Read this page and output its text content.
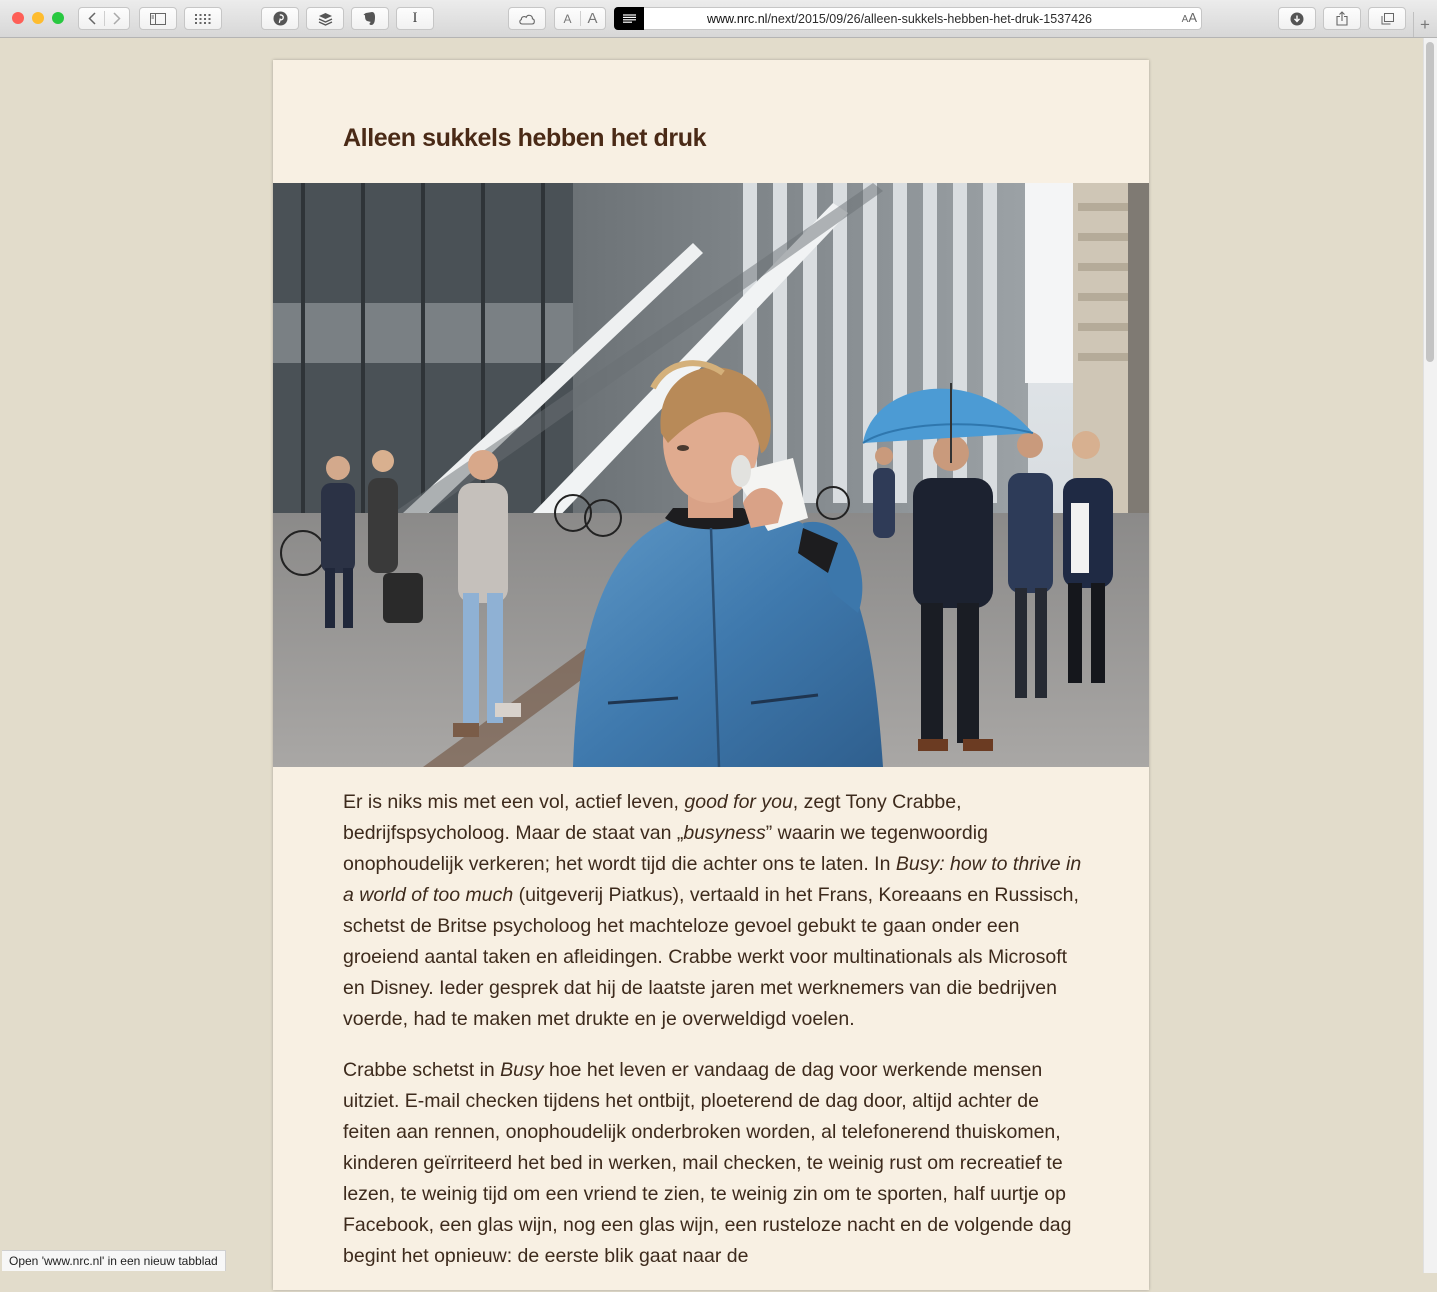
I	A	A	www.nrc.nl/next/2015/09/26/alleen-sukkels-hebben-het-druk-1537426	AA	+
Alleen sukkels hebben het druk

Er is niks mis met een vol, actief leven, good for you, zegt Tony Crabbe, bedrijfspsycholoog. Maar de staat van „busyness” waarin we tegenwoordig onophoudelijk verkeren; het wordt tijd die achter ons te laten. In Busy: how to thrive in a world of too much (uitgeverij Piatkus), vertaald in het Frans, Koreaans en Russisch, schetst de Britse psycholoog het machteloze gevoel gebukt te gaan onder een groeiend aantal taken en afleidingen. Crabbe werkt voor multinationals als Microsoft en Disney. Ieder gesprek dat hij de laatste jaren met werknemers van die bedrijven voerde, had te maken met drukte en je overweldigd voelen.

Crabbe schetst in Busy hoe het leven er vandaag de dag voor werkende mensen uitziet. E-mail checken tijdens het ontbijt, ploeterend de dag door, altijd achter de feiten aan rennen, onophoudelijk onderbroken worden, al telefonerend thuiskomen, kinderen geïrriteerd het bed in werken, mail checken, te weinig rust om recreatief te lezen, te weinig tijd om een vriend te zien, te weinig zin om te sporten, half uurtje op Facebook, een glas wijn, nog een glas wijn, een rusteloze nacht en de volgende dag begint het opnieuw: de eerste blik gaat naar de

Open 'www.nrc.nl' in een nieuw tabblad
